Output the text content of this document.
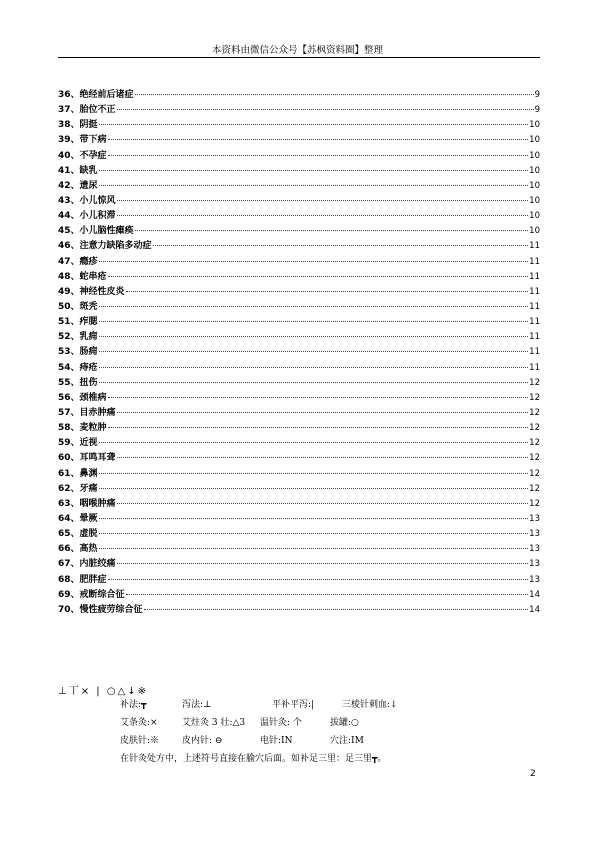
本资料由微信公众号【苏枫资料圈】整理
36、绝经前后诸症	9
37、胎位不正	9
38、阴挺	10
39、带下病	10
40、不孕症	10
41、缺乳	10
42、遗尿	10
43、小儿惊风	10
44、小儿积滞	10
45、小儿脑性瘫痪	10
46、注意力缺陷多动症	11
47、瘾疹	11
48、蛇串疮	11
49、神经性皮炎	11
50、斑秃	11
51、痄腮	11
52、乳痈	11
53、肠痈	11
54、痔疮	11
55、扭伤	12
56、颈椎病	12
57、目赤肿痛	12
58、麦粒肿	12
59、近视	12
60、耳鸣耳聋	12
61、鼻渊	12
62、牙痛	12
63、咽喉肿痛	12
64、晕厥	13
65、虚脱	13
66、高热	13
67、内脏绞痛	13
68、肥胖症	13
69、戒断综合征	14
70、慢性疲劳综合征	14
⊥丅× | ○△↓※
补法:┳	泻法:⊥	平补平泻:|	三棱针刺血:↓
艾条灸:×	艾炷灸 3 壮:△3 温针灸: 个	拔罐:○
皮肤针:※	皮内针: ⊖	电针:IN	穴注:IM
在针灸处方中，上述符号直接在腧穴后面。如补足三里：足三里┳。
2
